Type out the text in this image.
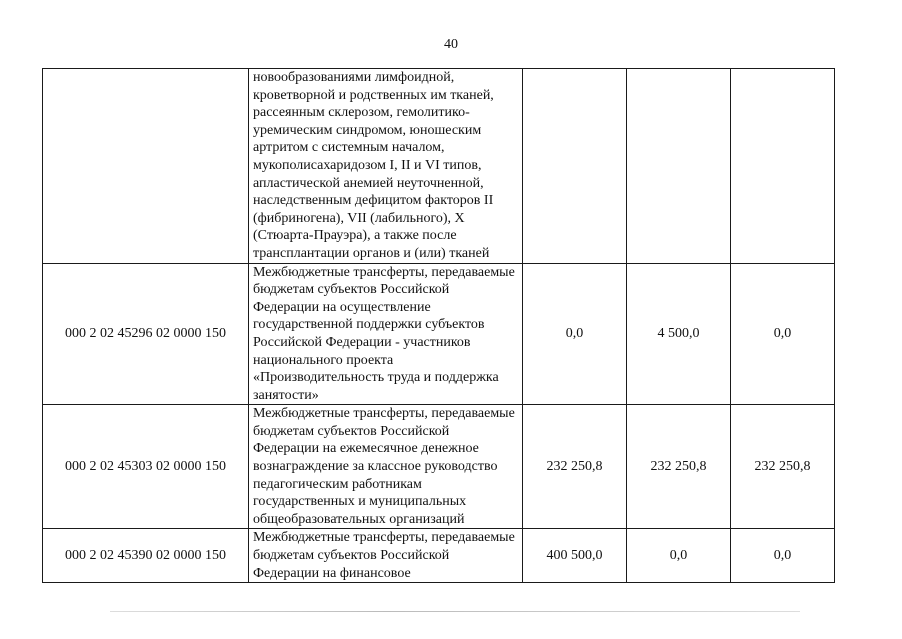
40

	новообразованиями лимфоидной, кроветворной и родственных им тканей, рассеянным склерозом, гемолитико-уремическим синдромом, юношеским артритом с системным началом, мукополисахаридозом I, II и VI типов, апластической анемией неуточненной, наследственным дефицитом факторов II (фибриногена), VII (лабильного), X (Стюарта-Прауэра), а также после трансплантации органов и (или) тканей			

000 2 02 45296 02 0000 150	Межбюджетные трансферты, передаваемые бюджетам субъектов Российской Федерации на осуществление государственной поддержки субъектов Российской Федерации - участников национального проекта «Производительность труда и поддержка занятости»	0,0	4 500,0	0,0
000 2 02 45303 02 0000 150	Межбюджетные трансферты, передаваемые бюджетам субъектов Российской Федерации на ежемесячное денежное вознаграждение за классное руководство педагогическим работникам государственных и муниципальных общеобразовательных организаций	232 250,8	232 250,8	232 250,8
000 2 02 45390 02 0000 150	Межбюджетные трансферты, передаваемые бюджетам субъектов Российской Федерации на финансовое	400 500,0	0,0	0,0
